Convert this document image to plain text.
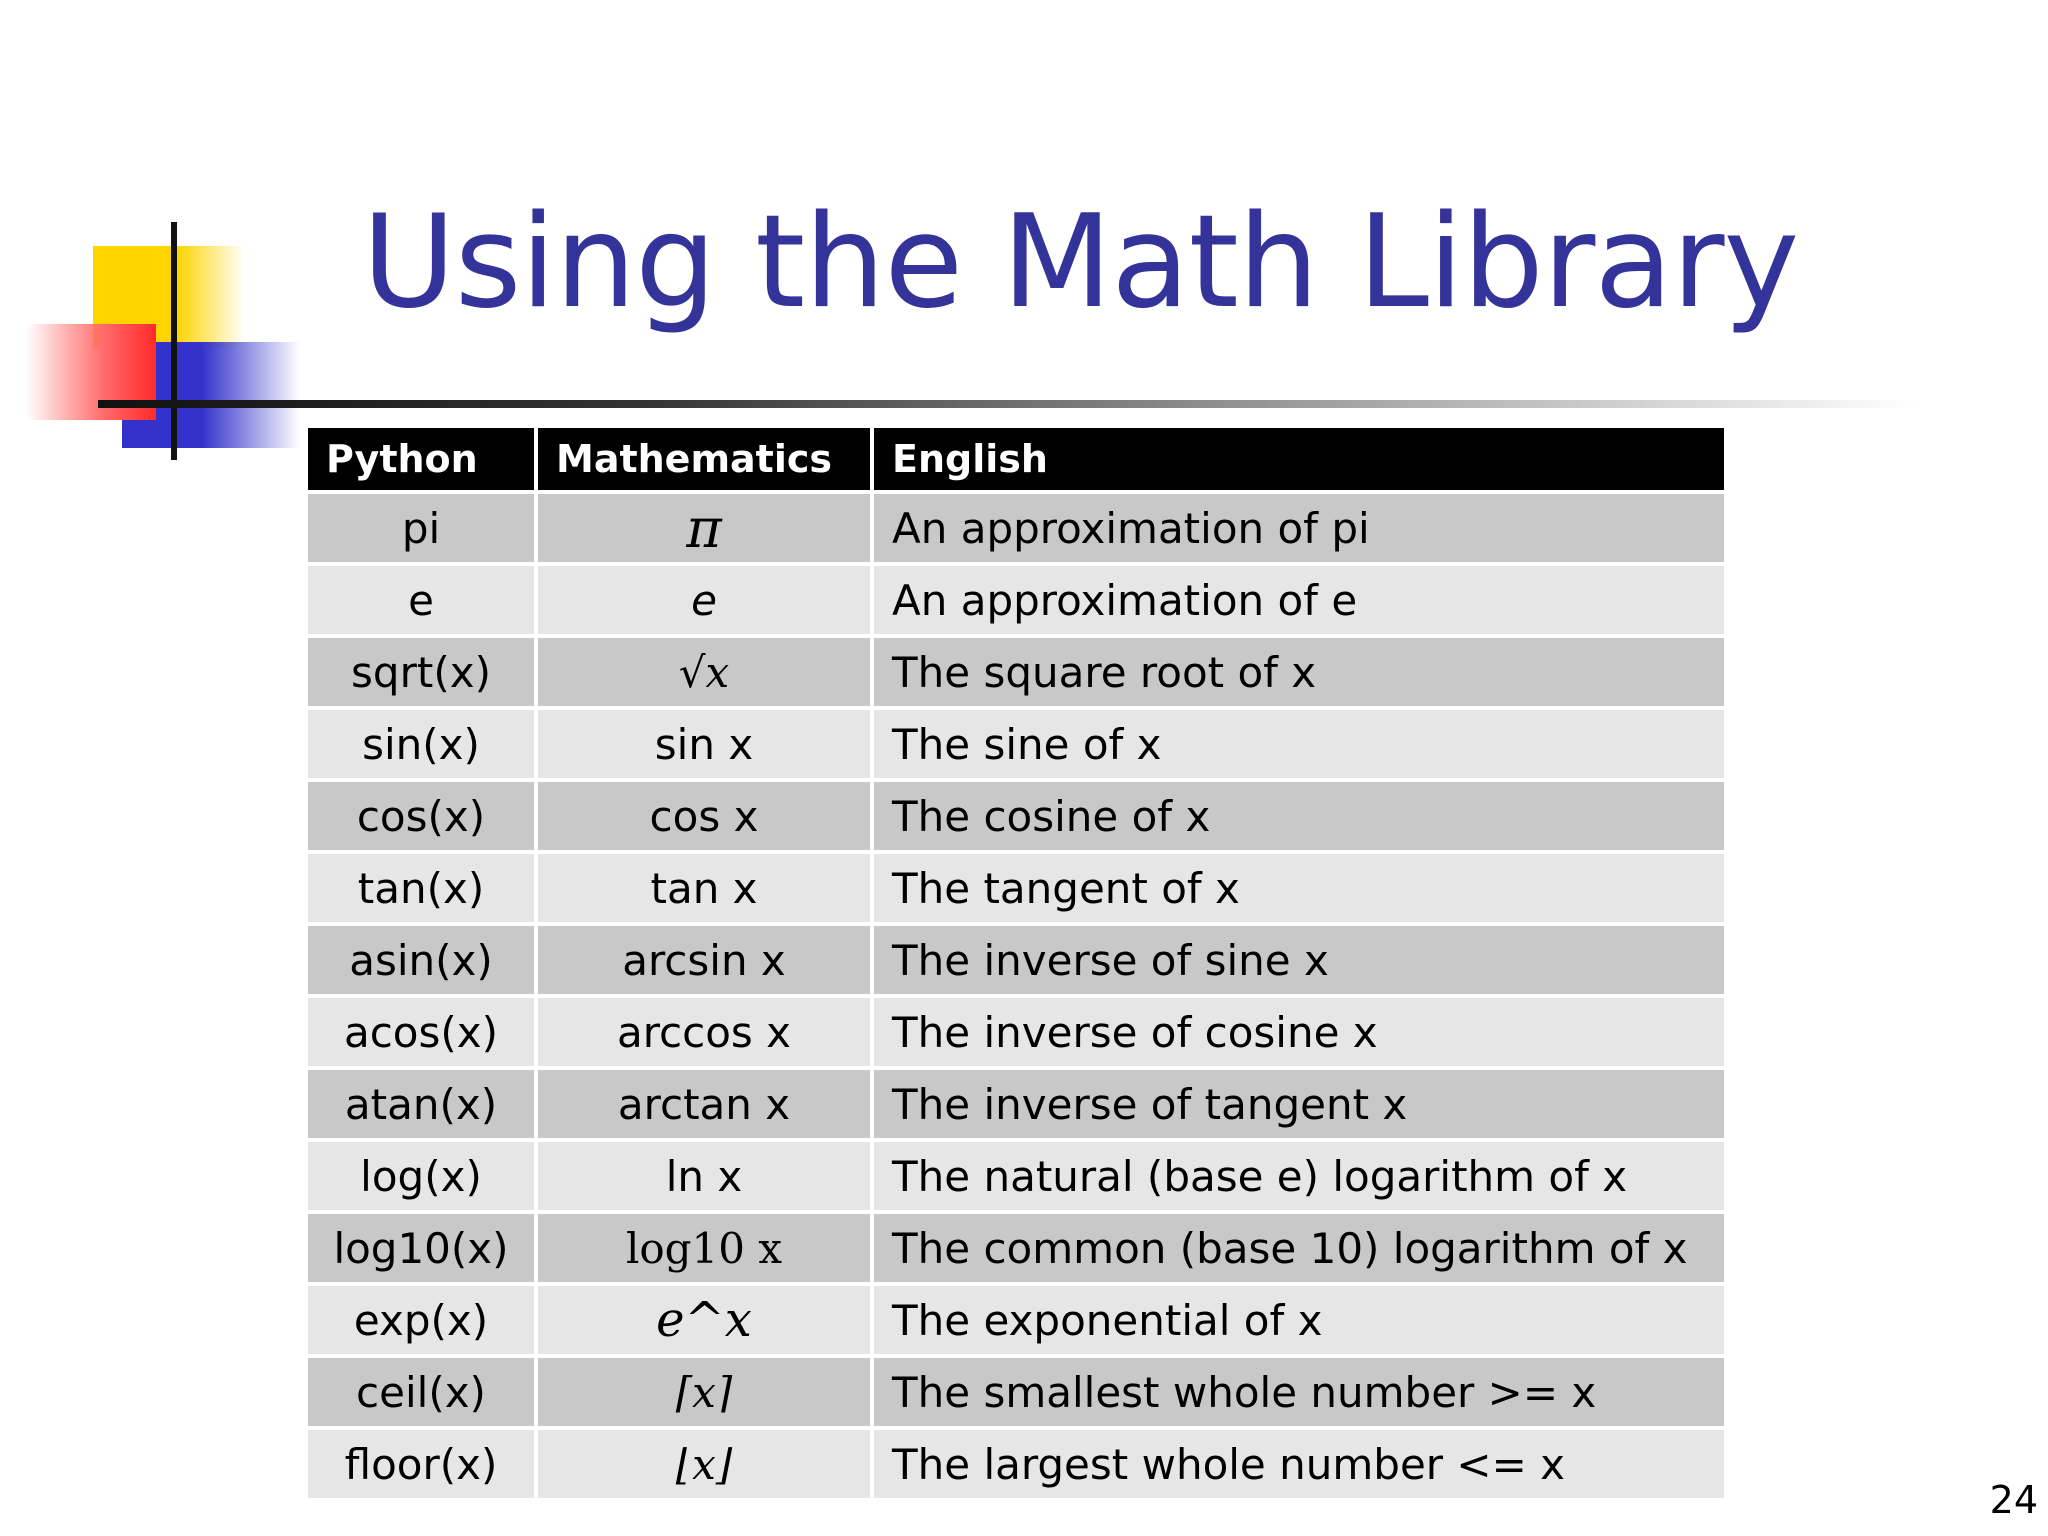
Using the Math Library
Python	Mathematics	English
pi	π	An approximation of pi
e	e	An approximation of e
sqrt(x)	√x	The square root of x
sin(x)	sin x	The sine of x
cos(x)	cos x	The cosine of x
tan(x)	tan x	The tangent of x
asin(x)	arcsin x	The inverse of sine x
acos(x)	arccos x	The inverse of cosine x
atan(x)	arctan x	The inverse of tangent x
log(x)	ln x	The natural (base e) logarithm of x
log10(x)	log10 x	The common (base 10) logarithm of x
exp(x)	e^x	The exponential of x
ceil(x)	⌈x⌉	The smallest whole number >= x
floor(x)	⌊x⌋	The largest whole number <= x
24
